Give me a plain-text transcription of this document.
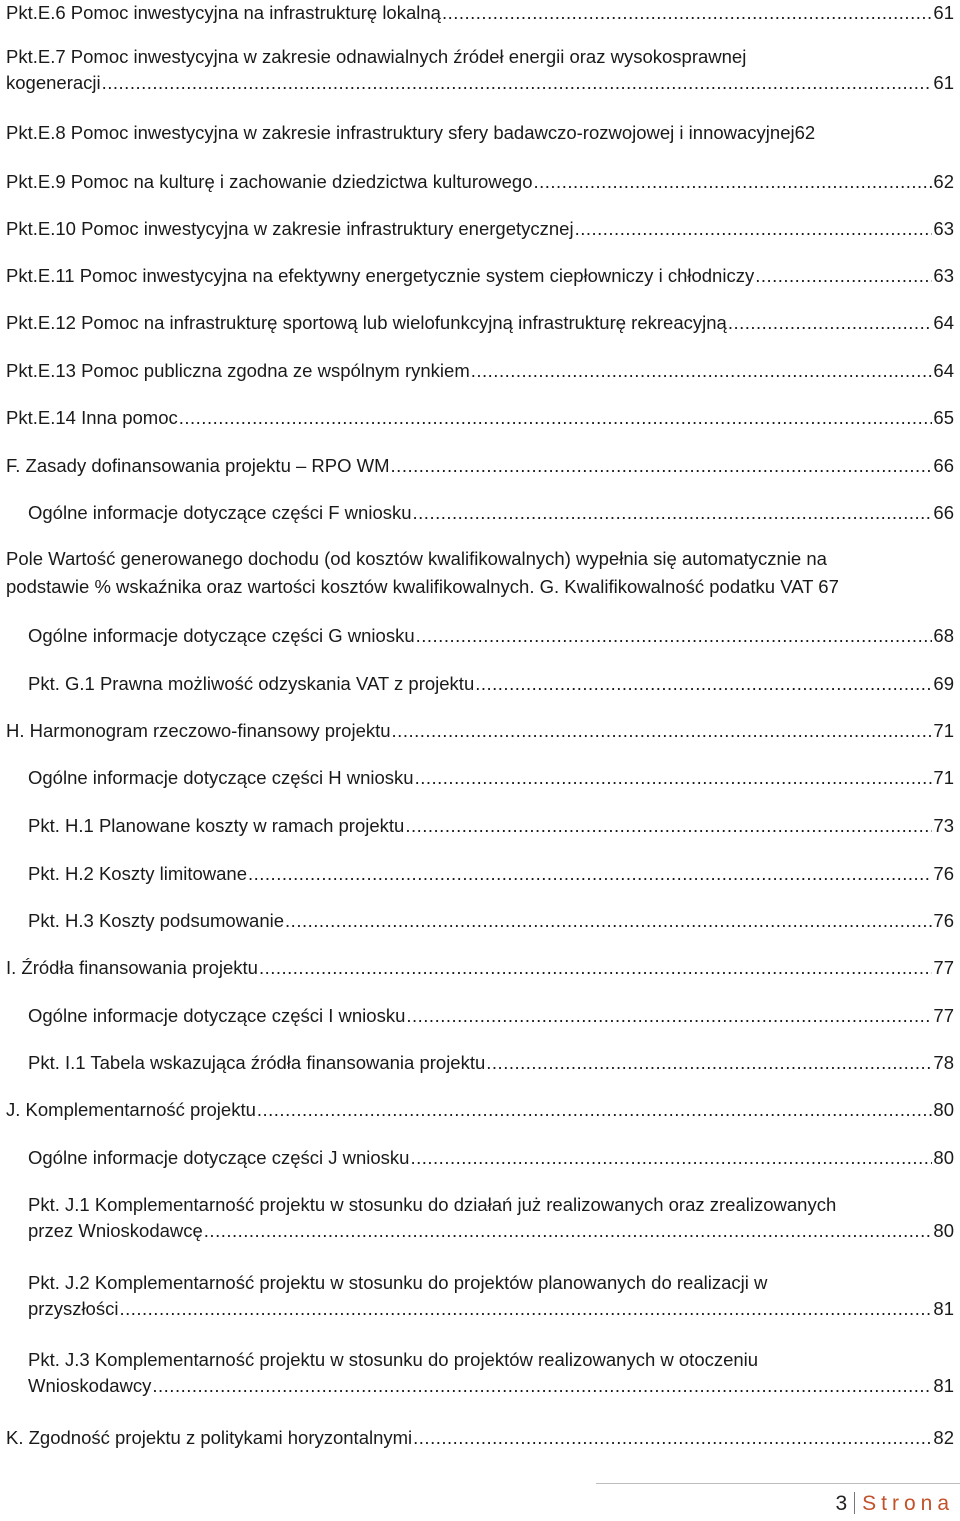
Pkt.E.6 Pomoc inwestycyjna na infrastrukturę lokalną .....	61
Pkt.E.7 Pomoc inwestycyjna w zakresie odnawialnych źródeł energii oraz wysokosprawnej
kogeneracji .....	61
Pkt.E.8 Pomoc inwestycyjna w zakresie infrastruktury sfery badawczo-rozwojowej i innowacyjnej 62
Pkt.E.9 Pomoc na kulturę i zachowanie dziedzictwa kulturowego .....	62
Pkt.E.10 Pomoc inwestycyjna w zakresie infrastruktury energetycznej .....	63
Pkt.E.11 Pomoc inwestycyjna na efektywny energetycznie system ciepłowniczy i chłodniczy .....	63
Pkt.E.12 Pomoc na infrastrukturę sportową lub wielofunkcyjną infrastrukturę rekreacyjną .....	64
Pkt.E.13 Pomoc publiczna zgodna ze wspólnym rynkiem .....	64
Pkt.E.14 Inna pomoc .....	65
F. Zasady dofinansowania projektu – RPO WM .....	66
Ogólne informacje dotyczące części F wniosku .....	66
Pole Wartość generowanego dochodu (od kosztów kwalifikowalnych) wypełnia się automatycznie na
podstawie % wskaźnika oraz wartości kosztów kwalifikowalnych. G. Kwalifikowalność podatku VAT 67
Ogólne informacje dotyczące części G wniosku .....	68
Pkt. G.1 Prawna możliwość odzyskania VAT z projektu .....	69
H. Harmonogram rzeczowo-finansowy projektu .....	71
Ogólne informacje dotyczące części H wniosku .....	71
Pkt. H.1 Planowane koszty w ramach projektu .....	73
Pkt. H.2 Koszty limitowane .....	76
Pkt. H.3 Koszty podsumowanie .....	76
I. Źródła finansowania projektu .....	77
Ogólne informacje dotyczące części I wniosku .....	77
Pkt. I.1 Tabela wskazująca źródła finansowania projektu .....	78
J. Komplementarność projektu .....	80
Ogólne informacje dotyczące części J wniosku .....	80
Pkt. J.1 Komplementarność projektu w stosunku do działań już realizowanych oraz zrealizowanych
przez Wnioskodawcę .....	80
Pkt. J.2 Komplementarność projektu w stosunku do projektów planowanych do realizacji w
przyszłości .....	81
Pkt. J.3 Komplementarność projektu w stosunku do projektów realizowanych w otoczeniu
Wnioskodawcy .....	81
K. Zgodność projektu z politykami horyzontalnymi .....	82
3 Strona
